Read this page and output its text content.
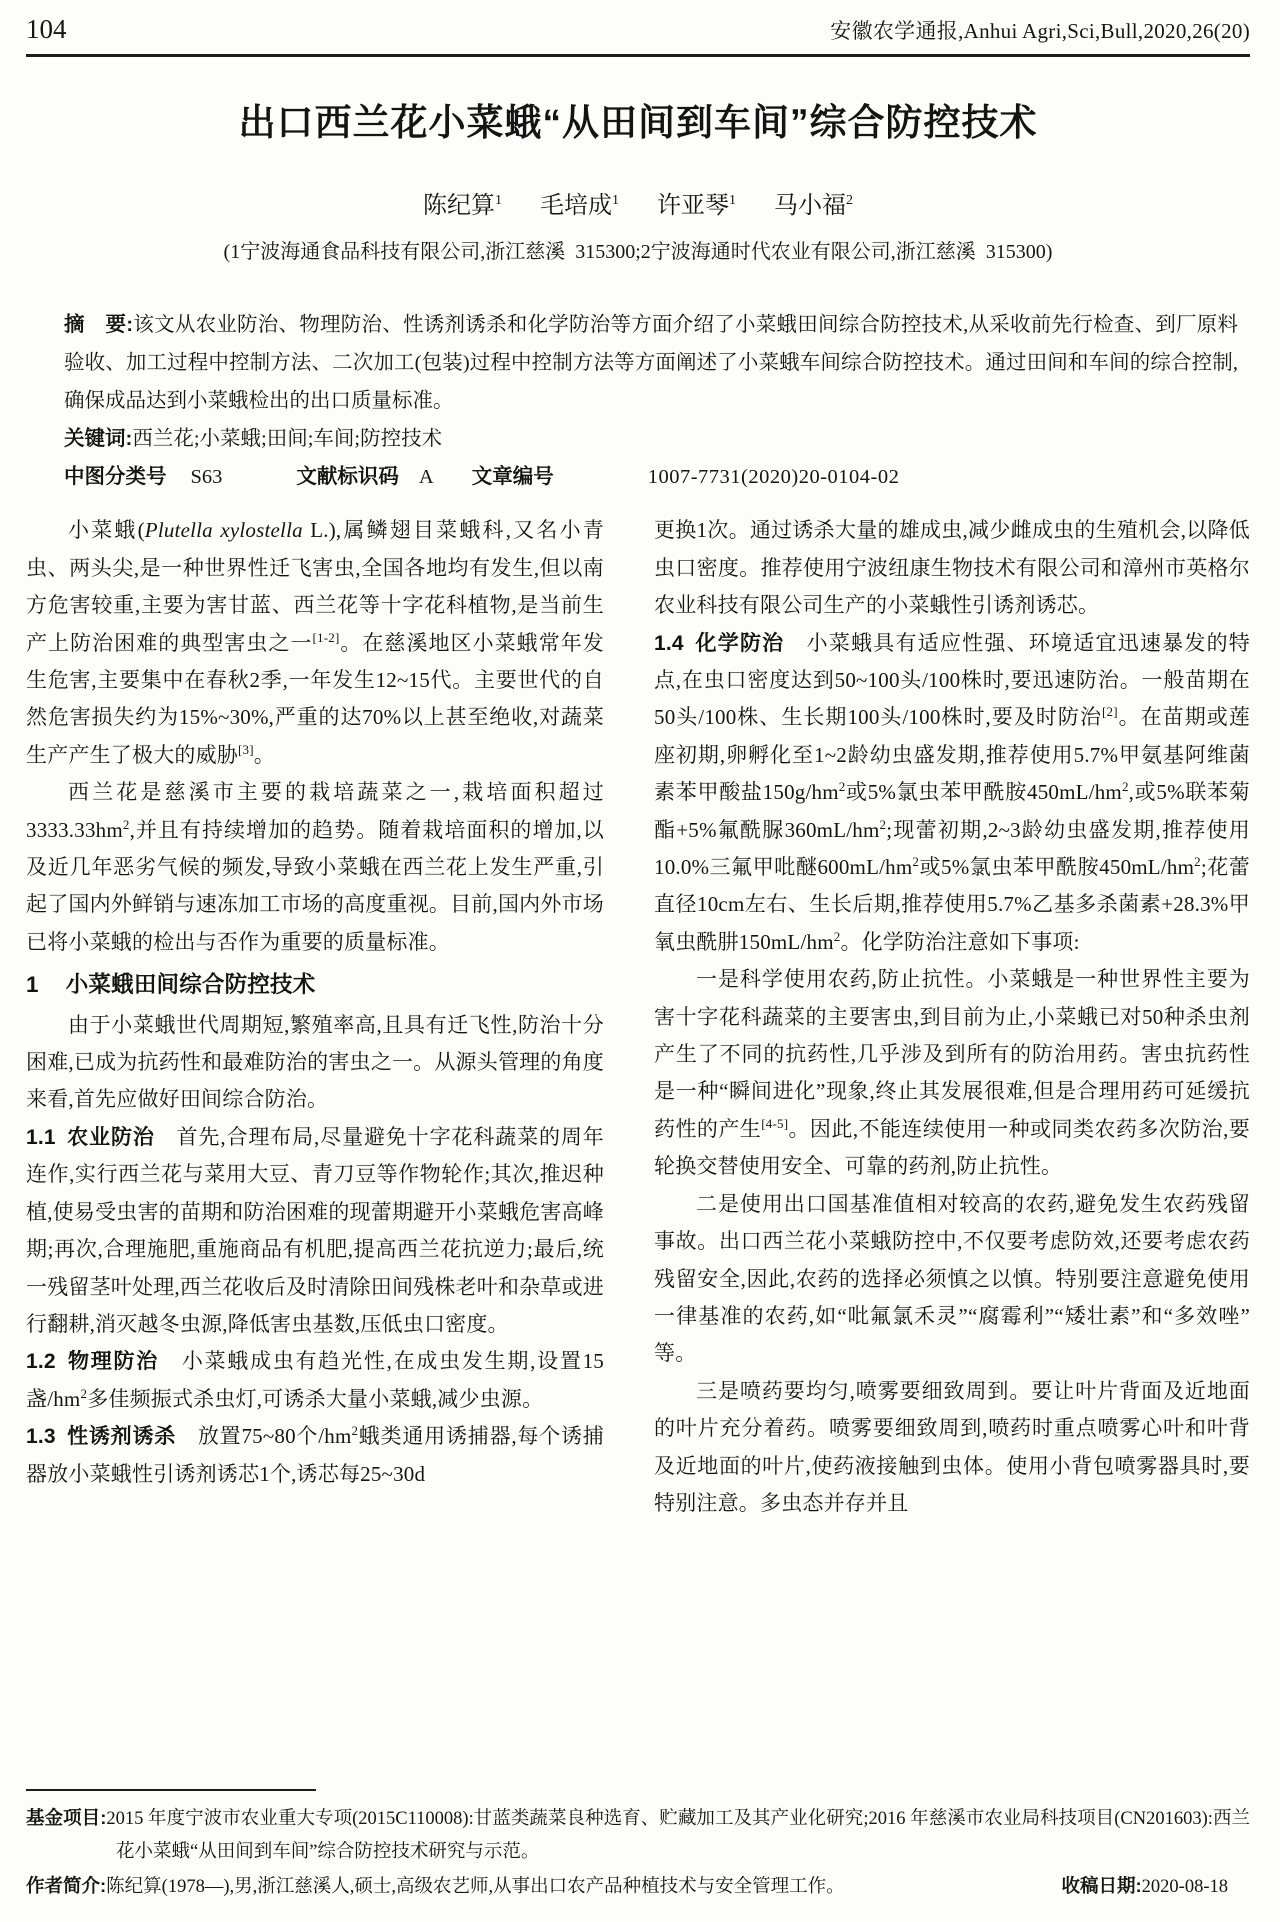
104	安徽农学通报,Anhui Agri,Sci,Bull,2020,26(20)
出口西兰花小菜蛾“从田间到车间”综合防控技术
陈纪算$^1$ 毛培成$^1$ 许亚琴$^1$ 马小福$^2$
(1宁波海通食品科技有限公司,浙江慈溪 315300;2宁波海通时代农业有限公司,浙江慈溪 315300)

摘 要:该文从农业防治、物理防治、性诱剂诱杀和化学防治等方面介绍了小菜蛾田间综合防控技术,从采收前先行检查、到厂原料验收、加工过程中控制方法、二次加工(包装)过程中控制方法等方面阐述了小菜蛾车间综合防控技术。通过田间和车间的综合控制,确保成品达到小菜蛾检出的出口质量标准。

关键词:西兰花;小菜蛾;田间;车间;防控技术

中图分类号 S63	文献标识码 A 文章编号	1007-7731(2020)20-0104-02

小菜蛾(Plutella xylostella L.),属鳞翅目菜蛾科,又名小青虫、两头尖,是一种世界性迁飞害虫,全国各地均有发生,但以南方危害较重,主要为害甘蓝、西兰花等十字花科植物,是当前生产上防治困难的典型害虫之一[1-2]。在慈溪地区小菜蛾常年发生危害,主要集中在春秋2季,一年发生12~15代。主要世代的自然危害损失约为15%~30%,严重的达70%以上甚至绝收,对蔬菜生产产生了极大的威胁[3]。

西兰花是慈溪市主要的栽培蔬菜之一,栽培面积超过$3333.33hm^2$,并且有持续增加的趋势。随着栽培面积的增加,以及近几年恶劣气候的频发,导致小菜蛾在西兰花上发生严重,引起了国内外鲜销与速冻加工市场的高度重视。目前,国内外市场已将小菜蛾的检出与否作为重要的质量标准。

1 小菜蛾田间综合防控技术

由于小菜蛾世代周期短,繁殖率高,且具有迁飞性,防治十分困难,已成为抗药性和最难防治的害虫之一。从源头管理的角度来看,首先应做好田间综合防治。

1.1 农业防治 首先,合理布局,尽量避免十字花科蔬菜的周年连作,实行西兰花与菜用大豆、青刀豆等作物轮作;其次,推迟种植,使易受虫害的苗期和防治困难的现蕾期避开小菜蛾危害高峰期;再次,合理施肥,重施商品有机肥,提高西兰花抗逆力;最后,统一残留茎叶处理,西兰花收后及时清除田间残株老叶和杂草或进行翻耕,消灭越冬虫源,降低害虫基数,压低虫口密度。

1.2 物理防治 小菜蛾成虫有趋光性,在成虫发生期,设置15盏$/hm^2$多佳频振式杀虫灯,可诱杀大量小菜蛾,减少虫源。

1.3 性诱剂诱杀 放置75~80个$/hm^2$蛾类通用诱捕器,每个诱捕器放小菜蛾性引诱剂诱芯1个,诱芯每25~30d

更换1次。通过诱杀大量的雄成虫,减少雌成虫的生殖机会,以降低虫口密度。推荐使用宁波纽康生物技术有限公司和漳州市英格尔农业科技有限公司生产的小菜蛾性引诱剂诱芯。

1.4 化学防治 小菜蛾具有适应性强、环境适宜迅速暴发的特点,在虫口密度达到50~100头/100株时,要迅速防治。一般苗期在50头/100株、生长期100头/100株时,要及时防治[2]。在苗期或莲座初期,卵孵化至1~2龄幼虫盛发期,推荐使用5.7%甲氨基阿维菌素苯甲酸盐$150g/hm^2$或5%氯虫苯甲酰胺$450mL/hm^2$,或5%联苯菊酯+5%氟酰脲$360mL/hm^2$;现蕾初期,2~3龄幼虫盛发期,推荐使用10.0%三氟甲吡醚$600mL/hm^2$或5%氯虫苯甲酰胺$450mL/hm^2$;花蕾直径10cm左右、生长后期,推荐使用5.7%乙基多杀菌素+28.3%甲氧虫酰肼$150mL/hm^2$。化学防治注意如下事项:

一是科学使用农药,防止抗性。小菜蛾是一种世界性主要为害十字花科蔬菜的主要害虫,到目前为止,小菜蛾已对50种杀虫剂产生了不同的抗药性,几乎涉及到所有的防治用药。害虫抗药性是一种“瞬间进化”现象,终止其发展很难,但是合理用药可延缓抗药性的产生[4-5]。因此,不能连续使用一种或同类农药多次防治,要轮换交替使用安全、可靠的药剂,防止抗性。

二是使用出口国基准值相对较高的农药,避免发生农药残留事故。出口西兰花小菜蛾防控中,不仅要考虑防效,还要考虑农药残留安全,因此,农药的选择必须慎之以慎。特别要注意避免使用一律基准的农药,如“吡氟氯禾灵”“腐霉利”“矮壮素”和“多效唑”等。

三是喷药要均匀,喷雾要细致周到。要让叶片背面及近地面的叶片充分着药。喷雾要细致周到,喷药时重点喷雾心叶和叶背及近地面的叶片,使药液接触到虫体。使用小背包喷雾器具时,要特别注意。多虫态并存并且

基金项目:2015 年度宁波市农业重大专项(2015C110008):甘蓝类蔬菜良种选育、贮藏加工及其产业化研究;2016 年慈溪市农业局科技项目(CN201603):西兰花小菜蛾“从田间到车间”综合防控技术研究与示范。

作者简介:陈纪算(1978—),男,浙江慈溪人,硕士,高级农艺师,从事出口农产品种植技术与安全管理工作。	收稿日期:2020-08-18
